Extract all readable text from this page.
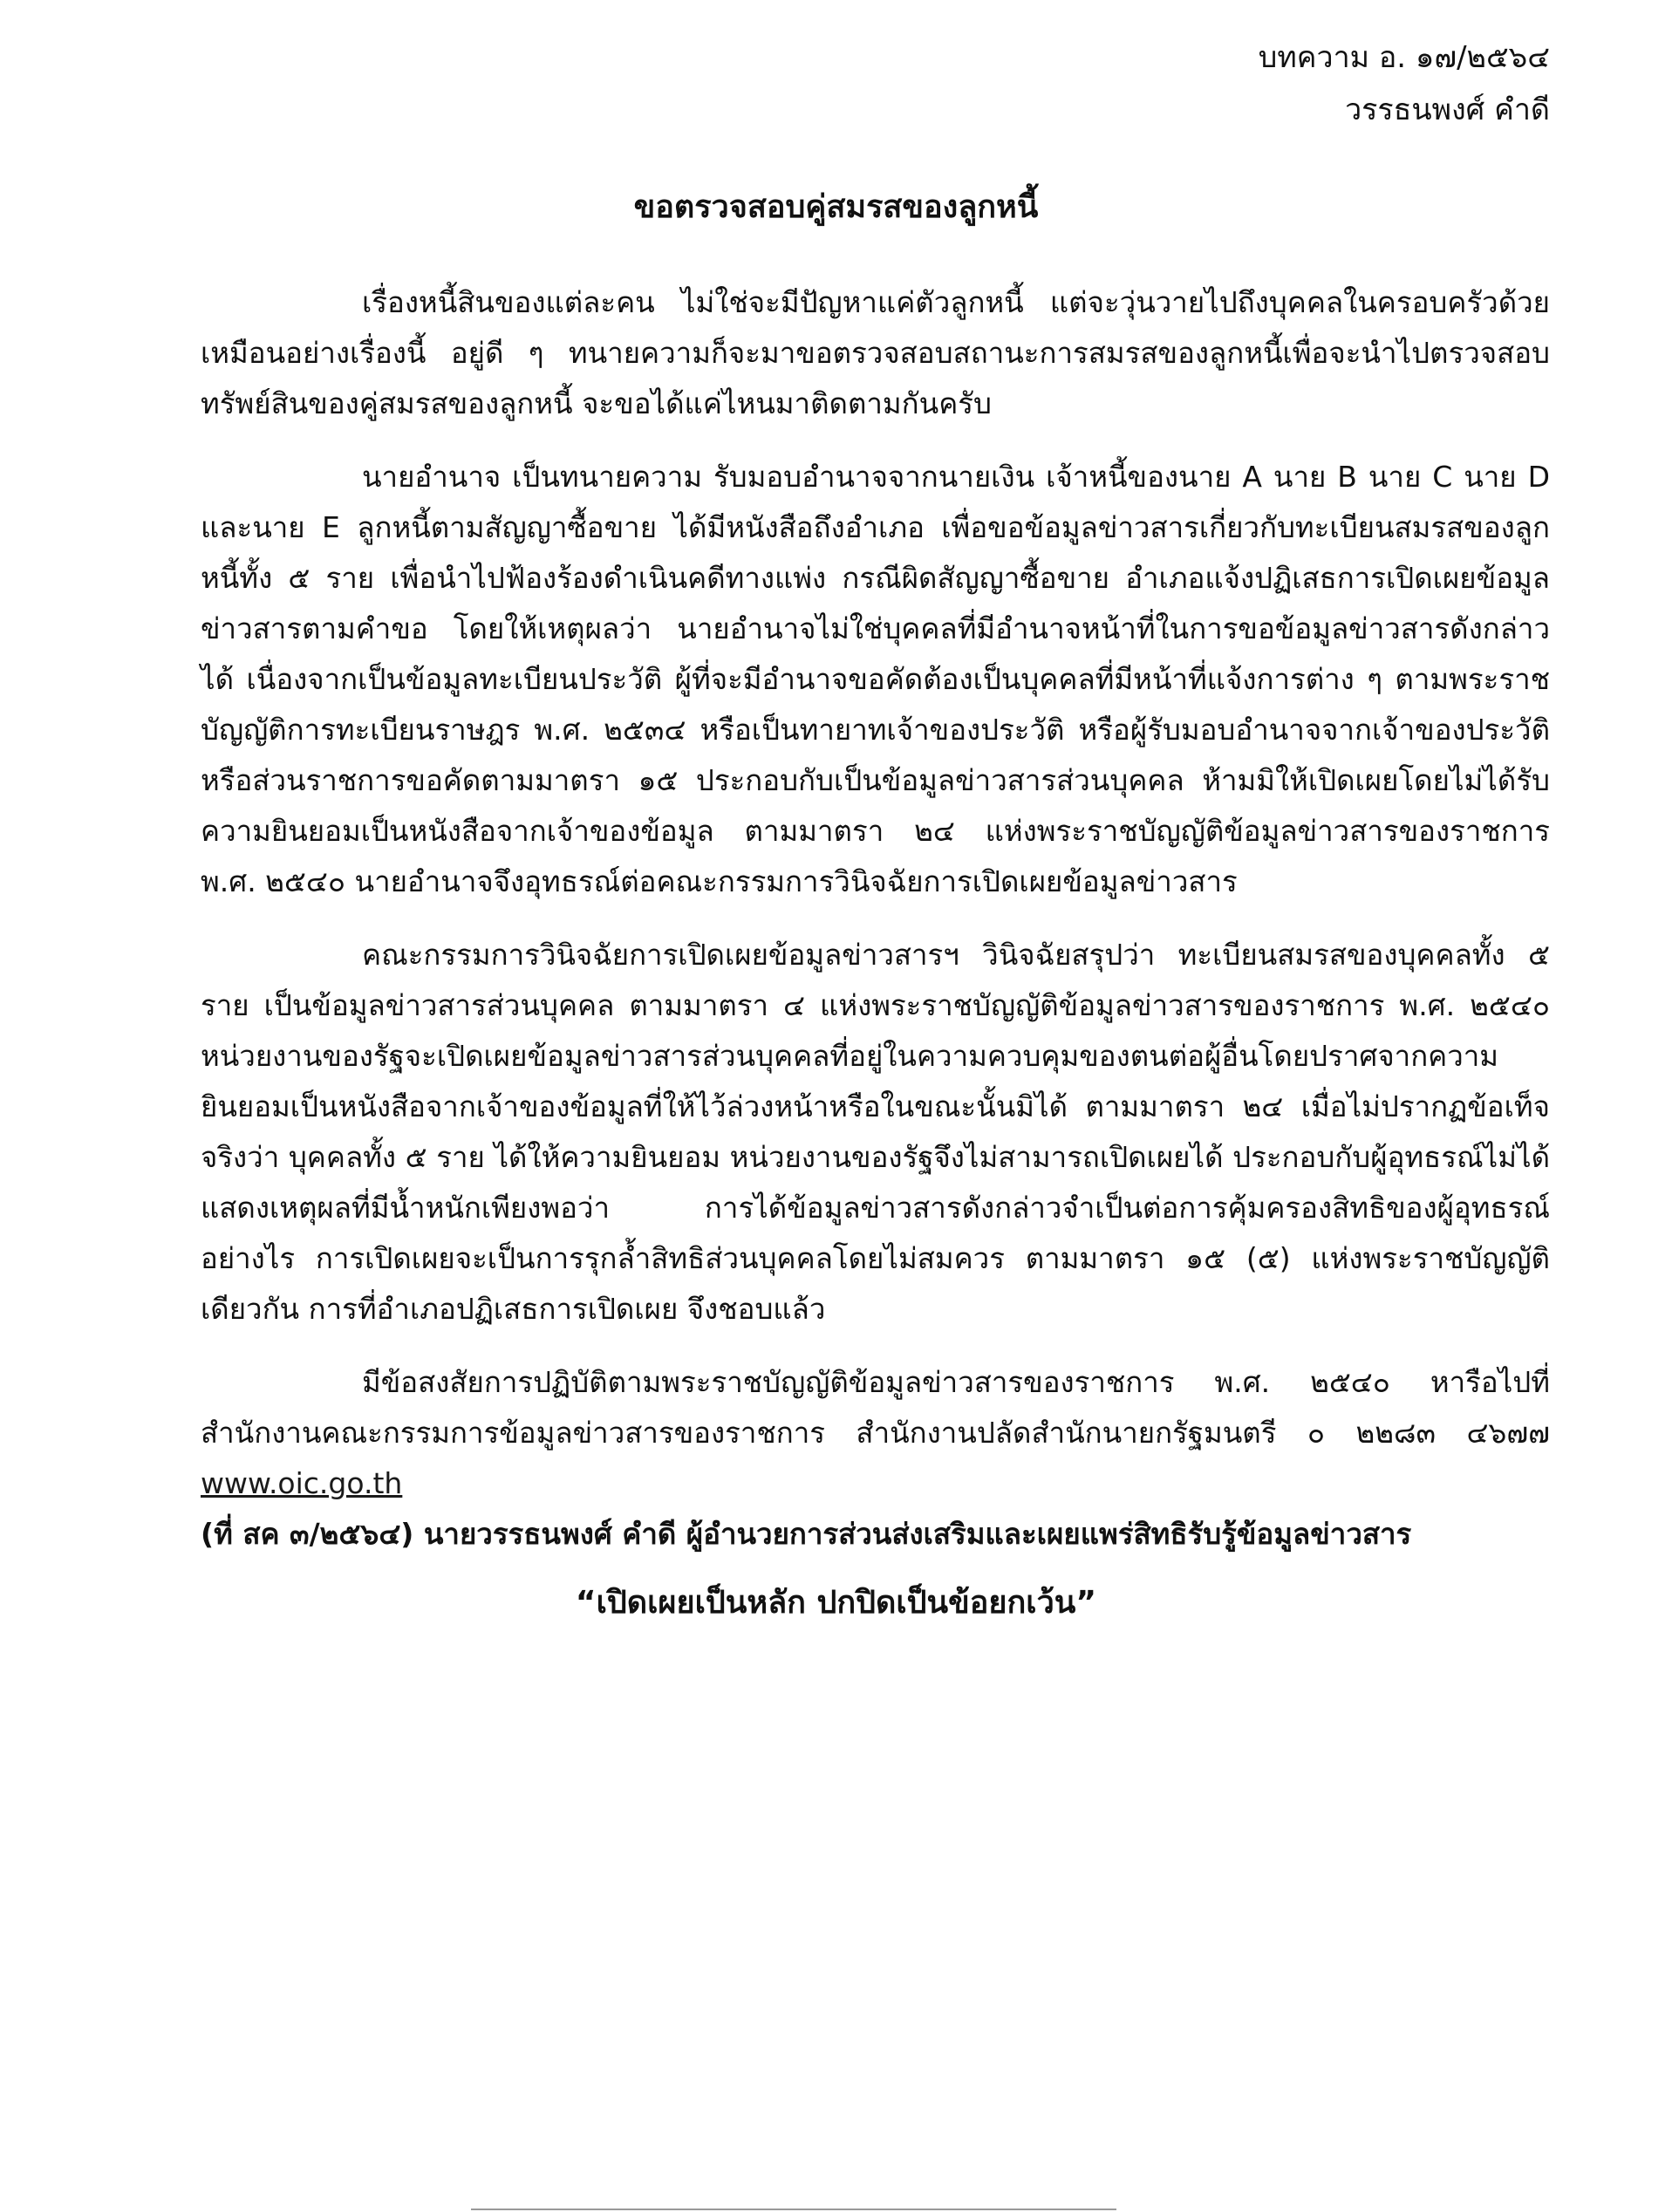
บทความ อ. ๑๗/๒๕๖๔
วรรธนพงศ์ คำดี
ขอตรวจสอบคู่สมรสของลูกหนี้

เรื่องหนี้สินของแต่ละคน ไม่ใช่จะมีปัญหาแค่ตัวลูกหนี้ แต่จะวุ่นวายไปถึงบุคคลในครอบครัวด้วย เหมือนอย่างเรื่องนี้ อยู่ดี ๆ ทนายความก็จะมาขอตรวจสอบสถานะการสมรสของลูกหนี้เพื่อจะนำไปตรวจสอบทรัพย์สินของคู่สมรสของลูกหนี้ จะขอได้แค่ไหนมาติดตามกันครับ

นายอำนาจ เป็นทนายความ รับมอบอำนาจจากนายเงิน เจ้าหนี้ของนาย A นาย B นาย C นาย D และนาย E ลูกหนี้ตามสัญญาซื้อขาย ได้มีหนังสือถึงอำเภอ เพื่อขอข้อมูลข่าวสารเกี่ยวกับทะเบียนสมรสของลูกหนี้ทั้ง ๕ ราย เพื่อนำไปฟ้องร้องดำเนินคดีทางแพ่ง กรณีผิดสัญญาซื้อขาย อำเภอแจ้งปฏิเสธการเปิดเผยข้อมูลข่าวสารตามคำขอ โดยให้เหตุผลว่า นายอำนาจไม่ใช่บุคคลที่มีอำนาจหน้าที่ในการขอข้อมูลข่าวสารดังกล่าวได้ เนื่องจากเป็นข้อมูลทะเบียนประวัติ ผู้ที่จะมีอำนาจขอคัดต้องเป็นบุคคลที่มีหน้าที่แจ้งการต่าง ๆ ตามพระราชบัญญัติการทะเบียนราษฎร พ.ศ. ๒๕๓๔ หรือเป็นทายาทเจ้าของประวัติ หรือผู้รับมอบอำนาจจากเจ้าของประวัติ หรือส่วนราชการขอคัดตามมาตรา ๑๕ ประกอบกับเป็นข้อมูลข่าวสารส่วนบุคคล ห้ามมิให้เปิดเผยโดยไม่ได้รับความยินยอมเป็นหนังสือจากเจ้าของข้อมูล ตามมาตรา ๒๔ แห่งพระราชบัญญัติข้อมูลข่าวสารของราชการ พ.ศ. ๒๕๔๐ นายอำนาจจึงอุทธรณ์ต่อคณะกรรมการวินิจฉัยการเปิดเผยข้อมูลข่าวสาร

คณะกรรมการวินิจฉัยการเปิดเผยข้อมูลข่าวสารฯ วินิจฉัยสรุปว่า ทะเบียนสมรสของบุคคลทั้ง ๕ ราย เป็นข้อมูลข่าวสารส่วนบุคคล ตามมาตรา ๔ แห่งพระราชบัญญัติข้อมูลข่าวสารของราชการ พ.ศ. ๒๕๔๐ หน่วยงานของรัฐจะเปิดเผยข้อมูลข่าวสารส่วนบุคคลที่อยู่ในความควบคุมของตนต่อผู้อื่นโดยปราศจากความยินยอมเป็นหนังสือจากเจ้าของข้อมูลที่ให้ไว้ล่วงหน้าหรือในขณะนั้นมิได้ ตามมาตรา ๒๔ เมื่อไม่ปรากฏข้อเท็จจริงว่า บุคคลทั้ง ๕ ราย ได้ให้ความยินยอม หน่วยงานของรัฐจึงไม่สามารถเปิดเผยได้ ประกอบกับผู้อุทธรณ์ไม่ได้แสดงเหตุผลที่มีน้ำหนักเพียงพอว่า การได้ข้อมูลข่าวสารดังกล่าวจำเป็นต่อการคุ้มครองสิทธิของผู้อุทธรณ์อย่างไร การเปิดเผยจะเป็นการรุกล้ำสิทธิส่วนบุคคลโดยไม่สมควร ตามมาตรา ๑๕ (๕) แห่งพระราชบัญญัติเดียวกัน การที่อำเภอปฏิเสธการเปิดเผย จึงชอบแล้ว

มีข้อสงสัยการปฏิบัติตามพระราชบัญญัติข้อมูลข่าวสารของราชการ พ.ศ. ๒๕๔๐ หารือไปที่สำนักงานคณะกรรมการข้อมูลข่าวสารของราชการ สำนักงานปลัดสำนักนายกรัฐมนตรี ๐ ๒๒๘๓ ๔๖๗๗ www.oic.go.th

(ที่ สค ๓/๒๕๖๔) นายวรรธนพงศ์ คำดี ผู้อำนวยการส่วนส่งเสริมและเผยแพร่สิทธิรับรู้ข้อมูลข่าวสาร

“เปิดเผยเป็นหลัก ปกปิดเป็นข้อยกเว้น”
